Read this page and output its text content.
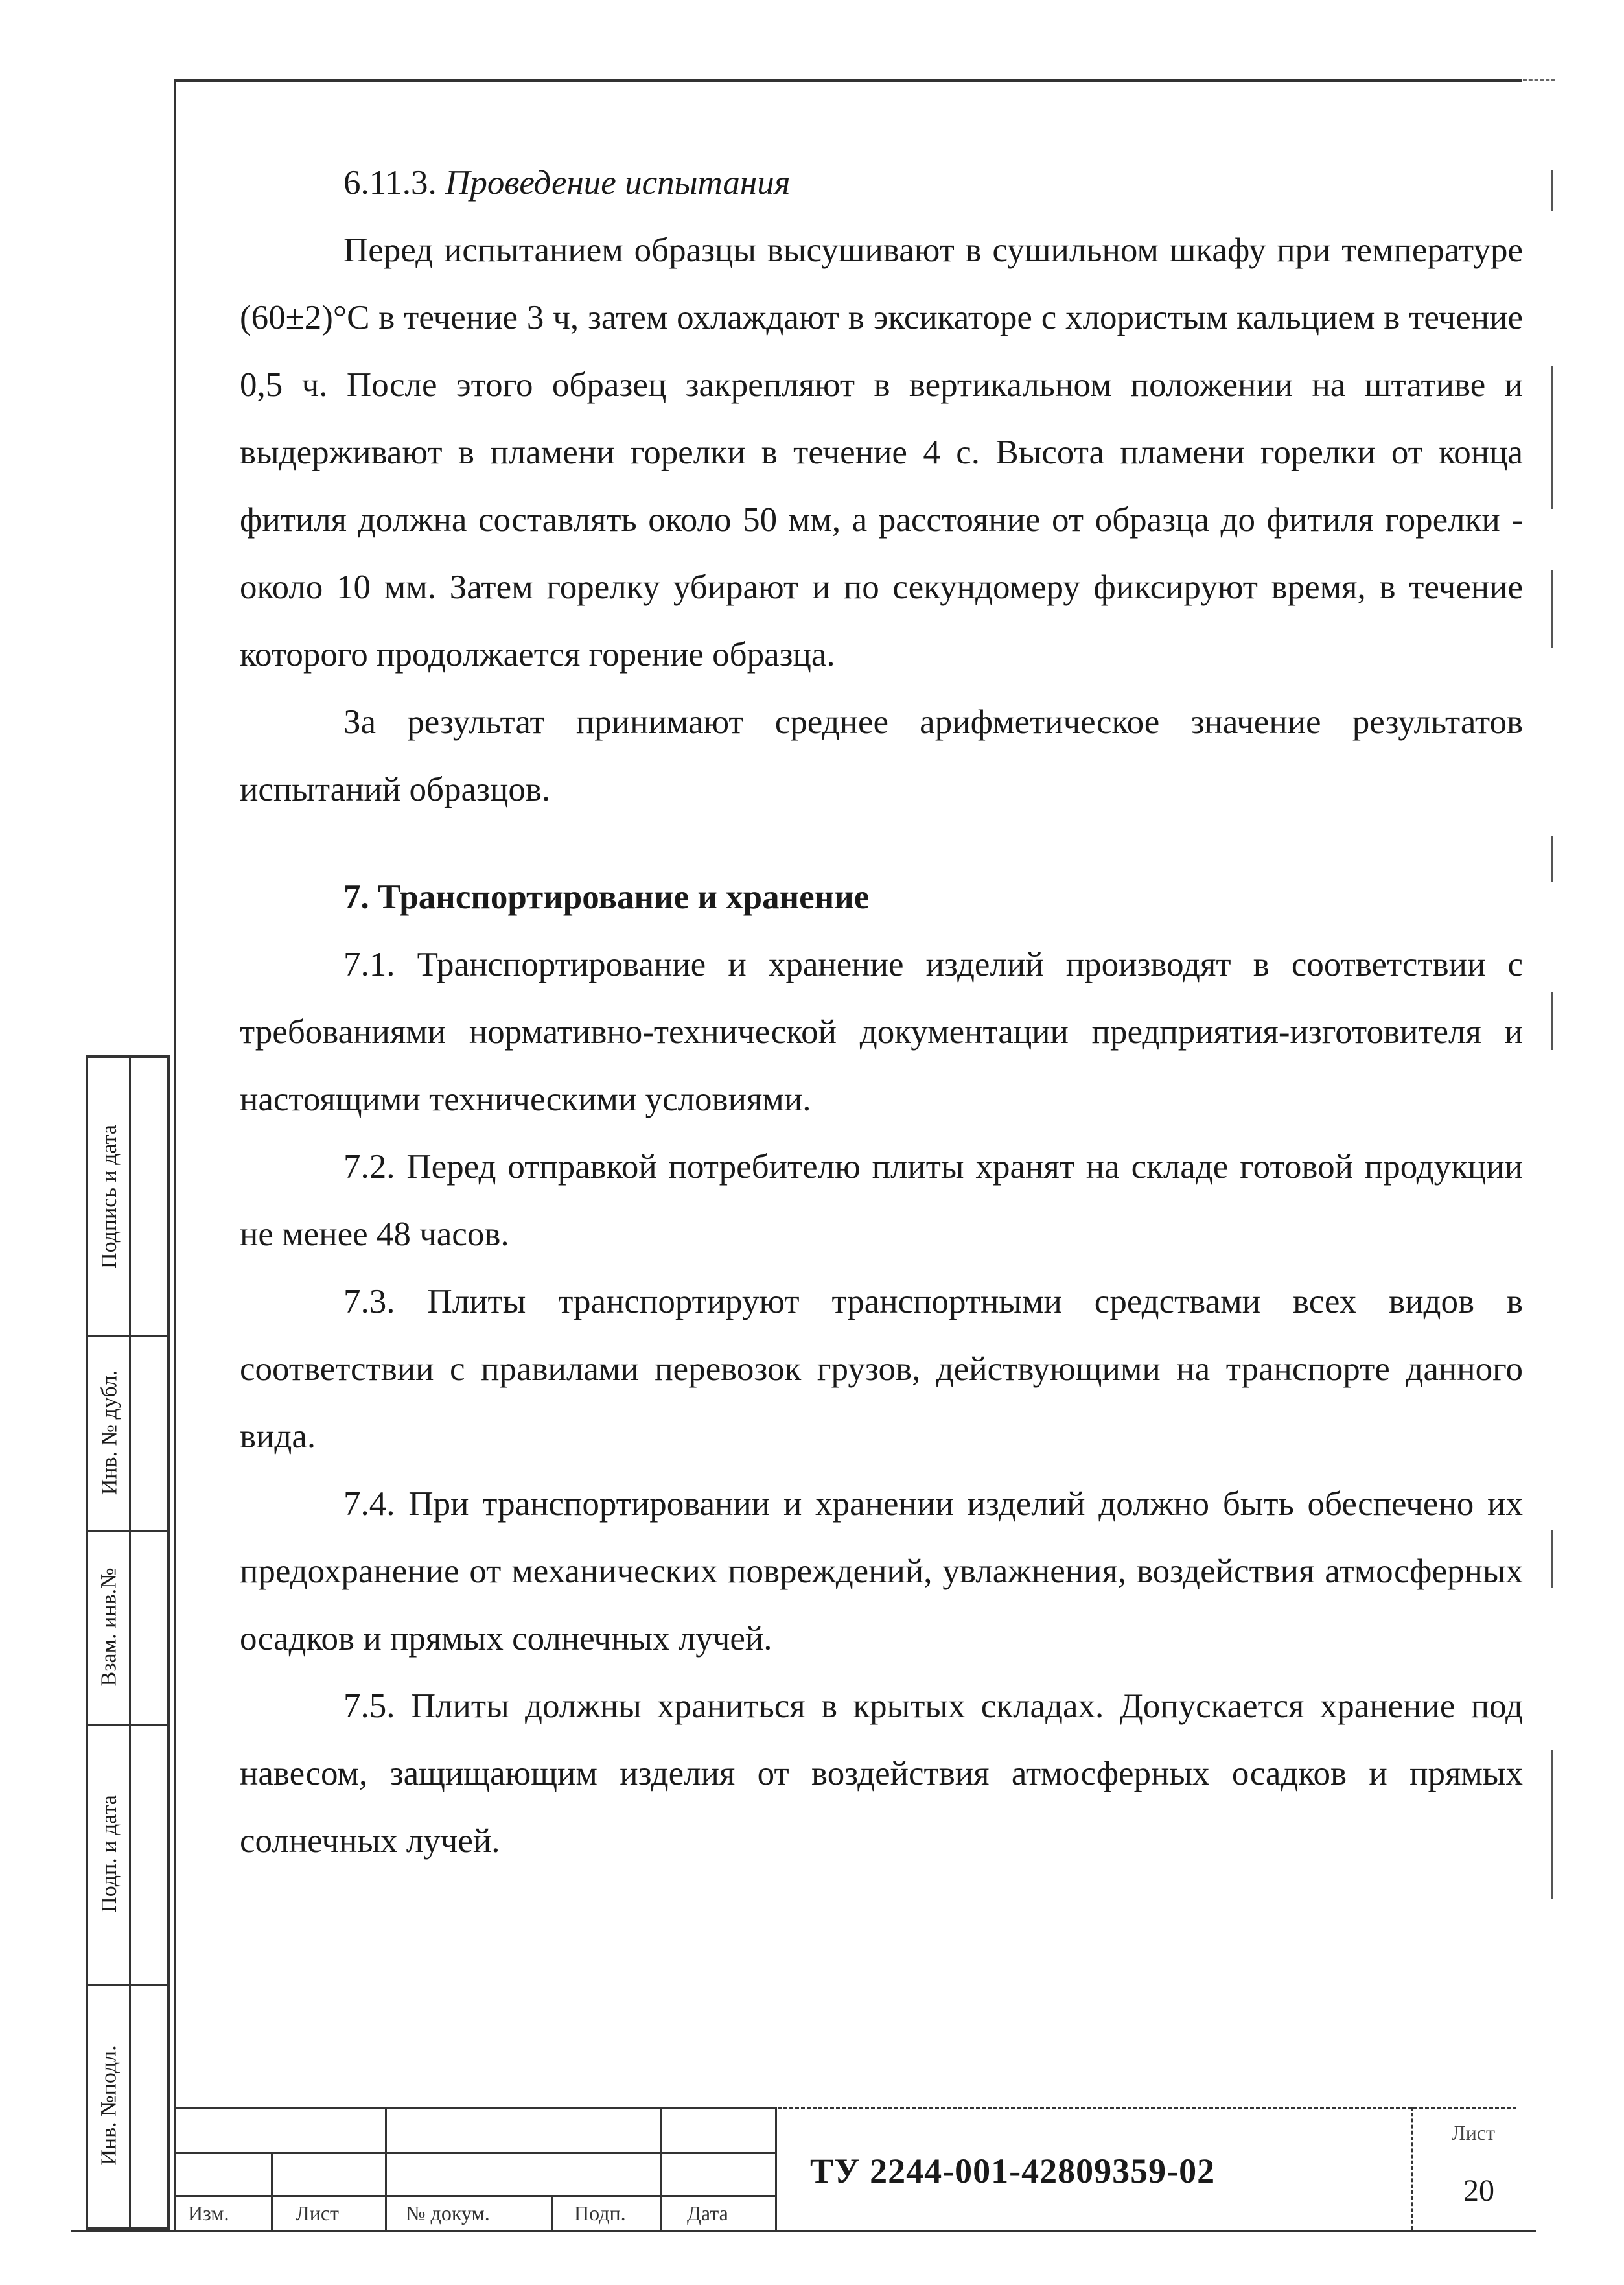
6.11.3. Проведение испытания

Перед испытанием образцы высушивают в сушильном шкафу при температуре (60±2)°С в течение 3 ч, затем охлаждают в эксикаторе с хлористым кальцием в течение 0,5 ч. После этого образец закрепляют в вертикальном положении на штативе и выдерживают в пламени горелки в течение 4 с. Высота пламени горелки от конца фитиля должна составлять около 50 мм, а расстояние от образца до фитиля горелки - около 10 мм. Затем горелку убирают и по секундомеру фиксируют время, в течение которого продолжается горение образца.

За результат принимают среднее арифметическое значение результатов испытаний образцов.

7. Транспортирование и хранение

7.1. Транспортирование и хранение изделий производят в соответствии с требованиями нормативно-технической документации предприятия-изготовителя и настоящими техническими условиями.

7.2. Перед отправкой потребителю плиты хранят на складе готовой продукции не менее 48 часов.

7.3. Плиты транспортируют транспортными средствами всех видов в соответствии с правилами перевозок грузов, действующими на транспорте данного вида.

7.4. При транспортировании и хранении изделий должно быть обеспечено их предохранение от механических повреждений, увлажнения, воздействия атмосферных осадков и прямых солнечных лучей.

7.5. Плиты должны храниться в крытых складах. Допускается хранение под навесом, защищающим изделия от воздействия атмосферных осадков и прямых солнечных лучей.

Подпись и дата
Инв. № дубл.
Взам. инв.№
Подп. и дата
Инв. №подл.
Изм.	Лист	№ докум.	Подп.	Дата
ТУ 2244-001-42809359-02
Лист
20
